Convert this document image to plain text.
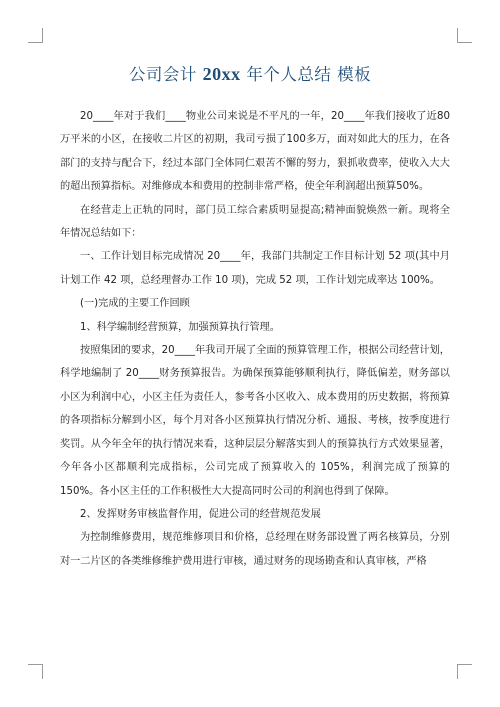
公司会计 20xx 年个人总结 模板

20____年对于我们____物业公司来说是不平凡的一年，20____年我们接收了近80万平米的小区，在接收二片区的初期，我司亏损了100多万，面对如此大的压力，在各部门的支持与配合下，经过本部门全体同仁艰苦不懈的努力，狠抓收费率，使收入大大的超出预算指标。对维修成本和费用的控制非常严格，使全年利润超出预算50%。

在经营走上正轨的同时，部门员工综合素质明显提高;精神面貌焕然一新。现将全年情况总结如下：

一、工作计划目标完成情况 20____年，我部门共制定工作目标计划 52 项(其中月计划工作 42 项，总经理督办工作 10 项)，完成 52 项，工作计划完成率达 100%。

(一)完成的主要工作回顾

1、科学编制经营预算，加强预算执行管理。

按照集团的要求，20____年我司开展了全面的预算管理工作，根据公司经营计划，科学地编制了 20____财务预算报告。为确保预算能够顺利执行，降低偏差，财务部以小区为利润中心，小区主任为责任人，参考各小区收入、成本费用的历史数据，将预算的各项指标分解到小区，每个月对各小区预算执行情况分析、通报、考核，按季度进行奖罚。从今年全年的执行情况来看，这种层层分解落实到人的预算执行方式效果显著，今年各小区都顺利完成指标，公司完成了预算收入的 105%，利润完成了预算的 150%。各小区主任的工作积极性大大提高同时公司的利润也得到了保障。

2、发挥财务审核监督作用，促进公司的经营规范发展

为控制维修费用，规范维修项目和价格，总经理在财务部设置了两名核算员，分别对一二片区的各类维修维护费用进行审核，通过财务的现场勘查和认真审核，严格
